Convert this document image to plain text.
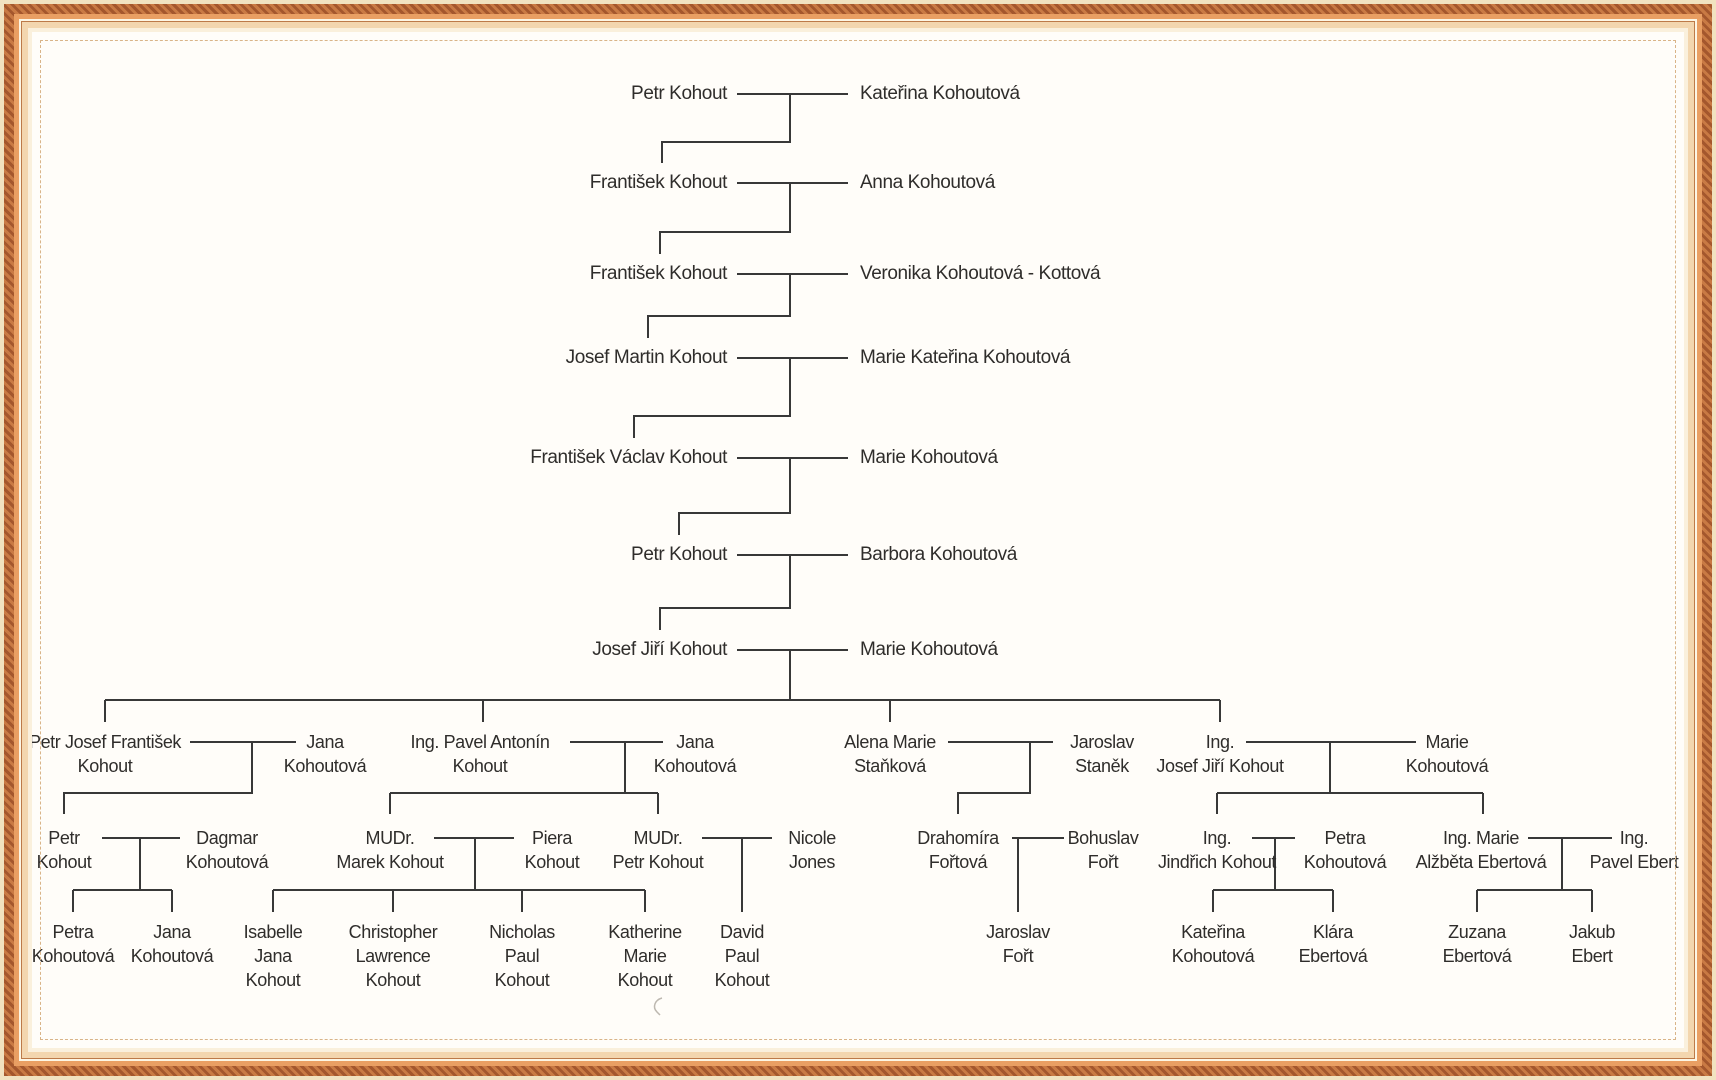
Petr Kohout	Kateřina Kohoutová
František Kohout	Anna Kohoutová
František Kohout	Veronika Kohoutová - Kottová
Josef Martin Kohout	Marie Kateřina Kohoutová
František Václav Kohout	Marie Kohoutová
Petr Kohout	Barbora Kohoutová
Josef Jiří Kohout	Marie Kohoutová
Petr Josef František
Kohout
Jana
Kohoutová
Ing. Pavel Antonín
Kohout
Jana
Kohoutová
Alena Marie
Staňková
Jaroslav
Staněk
Ing.
Josef Jiří Kohout
Marie
Kohoutová
Petr
Kohout
Dagmar
Kohoutová
MUDr.
Marek Kohout
Piera
Kohout
MUDr.
Petr Kohout
Nicole
Jones
Drahomíra
Fořtová
Bohuslav
Fořt
Ing.
Jindřich Kohout
Petra
Kohoutová
Ing. Marie
Alžběta Ebertová
Ing.
Pavel Ebert
Petra
Kohoutová
Jana
Kohoutová
Isabelle
Jana
Kohout
Christopher
Lawrence
Kohout
Nicholas
Paul
Kohout
Katherine
Marie
Kohout
David
Paul
Kohout
Jaroslav
Fořt
Kateřina
Kohoutová
Klára
Ebertová
Zuzana
Ebertová
Jakub
Ebert
